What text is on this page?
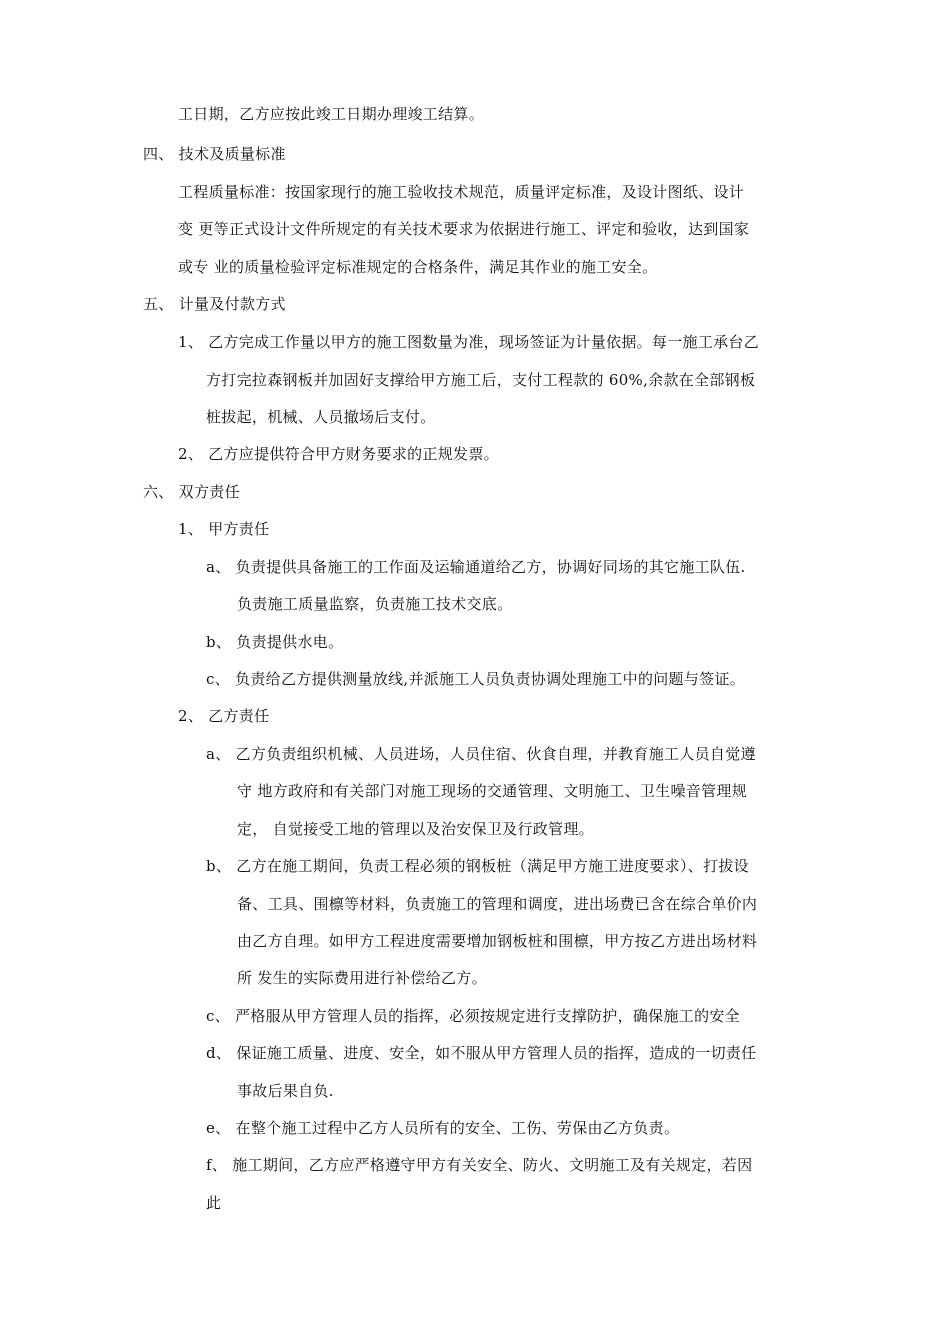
工日期，乙方应按此竣工日期办理竣工结算。
四、 技术及质量标准
工程质量标准：按国家现行的施工验收技术规范，质量评定标准，及设计图纸、设计
变 更等正式设计文件所规定的有关技术要求为依据进行施工、评定和验收，达到国家
或专 业的质量检验评定标准规定的合格条件，满足其作业的施工安全。
五、 计量及付款方式
1、 乙方完成工作量以甲方的施工图数量为准，现场签证为计量依据。每一施工承台乙
方打完拉森钢板并加固好支撑给甲方施工后，支付工程款的 60%,余款在全部钢板
桩拔起，机械、人员撤场后支付。
2、 乙方应提供符合甲方财务要求的正规发票。
六、 双方责任
1、 甲方责任
a、 负责提供具备施工的工作面及运输通道给乙方，协调好同场的其它施工队伍.
负责施工质量监察，负责施工技术交底。
b、 负责提供水电。
c、 负责给乙方提供测量放线,并派施工人员负责协调处理施工中的问题与签证。
2、 乙方责任
a、 乙方负责组织机械、人员进场，人员住宿、伙食自理，并教育施工人员自觉遵
守 地方政府和有关部门对施工现场的交通管理、文明施工、卫生噪音管理规
定， 自觉接受工地的管理以及治安保卫及行政管理。
b、 乙方在施工期间，负责工程必须的钢板桩（满足甲方施工进度要求）、打拔设
备、工具、围檩等材料，负责施工的管理和调度，进出场费已含在综合单价内
由乙方自理。如甲方工程进度需要增加钢板桩和围檩，甲方按乙方进出场材料
所 发生的实际费用进行补偿给乙方。
c、 严格服从甲方管理人员的指挥，必须按规定进行支撑防护，确保施工的安全
d、 保证施工质量、进度、安全，如不服从甲方管理人员的指挥，造成的一切责任
事故后果自负.
e、 在整个施工过程中乙方人员所有的安全、工伤、劳保由乙方负责。
f、 施工期间，乙方应严格遵守甲方有关安全、防火、文明施工及有关规定，若因
此
